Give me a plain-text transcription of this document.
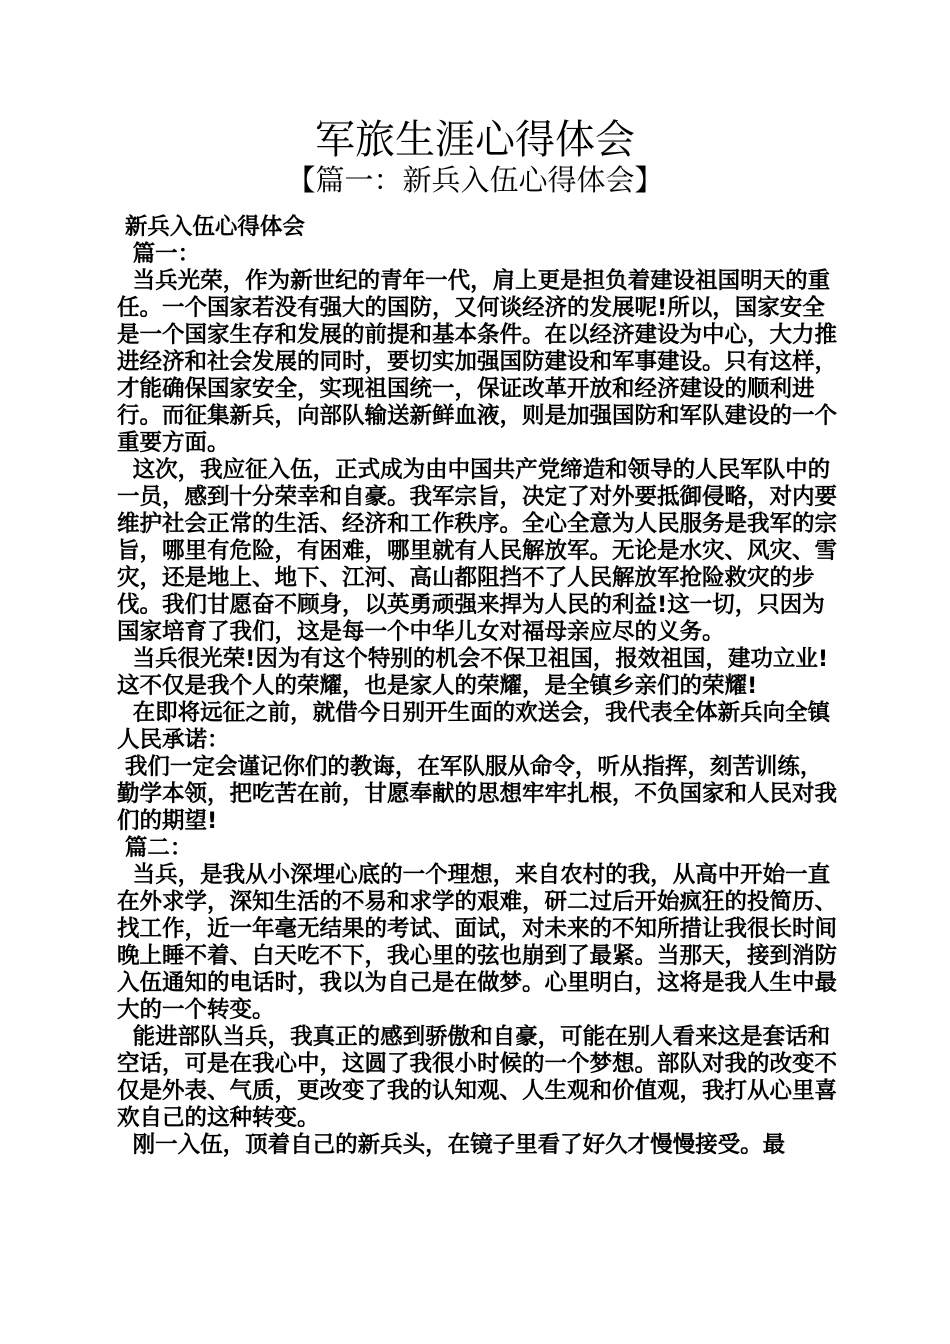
军旅生涯心得体会
【篇一：新兵入伍心得体会】

新兵入伍心得体会

篇一：

当兵光荣，作为新世纪的青年一代，肩上更是担负着建设祖国明天的重任。一个国家若没有强大的国防，又何谈经济的发展呢!所以，国家安全是一个国家生存和发展的前提和基本条件。在以经济建设为中心，大力推进经济和社会发展的同时，要切实加强国防建设和军事建设。只有这样，才能确保国家安全，实现祖国统一，保证改革开放和经济建设的顺利进行。而征集新兵，向部队输送新鲜血液，则是加强国防和军队建设的一个重要方面。

这次，我应征入伍，正式成为由中国共产党缔造和领导的人民军队中的一员，感到十分荣幸和自豪。我军宗旨，决定了对外要抵御侵略，对内要维护社会正常的生活、经济和工作秩序。全心全意为人民服务是我军的宗旨，哪里有危险，有困难，哪里就有人民解放军。无论是水灾、风灾、雪灾，还是地上、地下、江河、高山都阻挡不了人民解放军抢险救灾的步伐。我们甘愿奋不顾身，以英勇顽强来捍为人民的利益!这一切，只因为国家培育了我们，这是每一个中华儿女对福母亲应尽的义务。

当兵很光荣!因为有这个特别的机会不保卫祖国，报效祖国，建功立业!这不仅是我个人的荣耀，也是家人的荣耀，是全镇乡亲们的荣耀!

在即将远征之前，就借今日别开生面的欢送会，我代表全体新兵向全镇人民承诺：

我们一定会谨记你们的教诲，在军队服从命令，听从指挥，刻苦训练，勤学本领，把吃苦在前，甘愿奉献的思想牢牢扎根，不负国家和人民对我们的期望!

篇二：

当兵，是我从小深埋心底的一个理想，来自农村的我，从高中开始一直在外求学，深知生活的不易和求学的艰难，研二过后开始疯狂的投简历、找工作，近一年毫无结果的考试、面试，对未来的不知所措让我很长时间晚上睡不着、白天吃不下，我心里的弦也崩到了最紧。当那天，接到消防入伍通知的电话时，我以为自己是在做梦。心里明白，这将是我人生中最大的一个转变。

能进部队当兵，我真正的感到骄傲和自豪，可能在别人看来这是套话和空话，可是在我心中，这圆了我很小时候的一个梦想。部队对我的改变不仅是外表、气质，更改变了我的认知观、人生观和价值观，我打从心里喜欢自己的这种转变。

刚一入伍，顶着自己的新兵头，在镜子里看了好久才慢慢接受。最
